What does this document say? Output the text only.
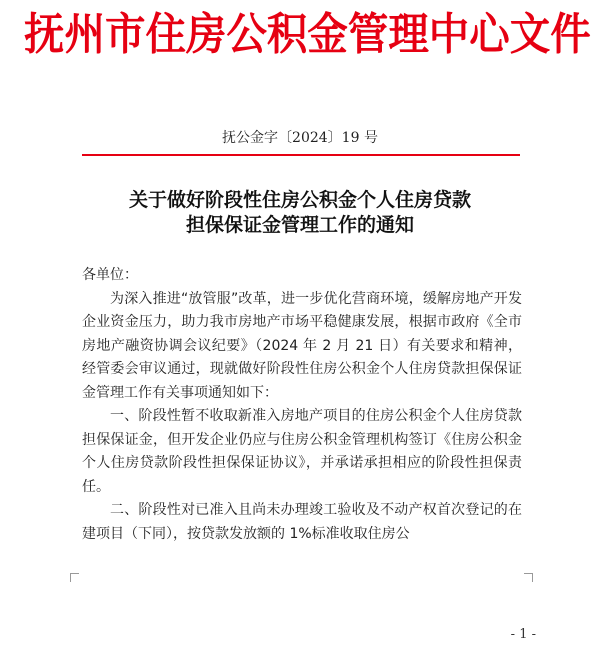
抚州市住房公积金管理中心文件
抚公金字〔2024〕19 号
关于做好阶段性住房公积金个人住房贷款
担保保证金管理工作的通知

各单位：

为深入推进“放管服”改革，进一步优化营商环境，缓解房地产开发企业资金压力，助力我市房地产市场平稳健康发展，根据市政府《全市房地产融资协调会议纪要》（2024 年 2 月 21 日）有关要求和精神，经管委会审议通过，现就做好阶段性住房公积金个人住房贷款担保保证金管理工作有关事项通知如下：

一、阶段性暂不收取新准入房地产项目的住房公积金个人住房贷款担保保证金，但开发企业仍应与住房公积金管理机构签订《住房公积金个人住房贷款阶段性担保保证协议》，并承诺承担相应的阶段性担保责任。

二、阶段性对已准入且尚未办理竣工验收及不动产权首次登记的在建项目（下同），按贷款发放额的 1%标准收取住房公

- 1 -
